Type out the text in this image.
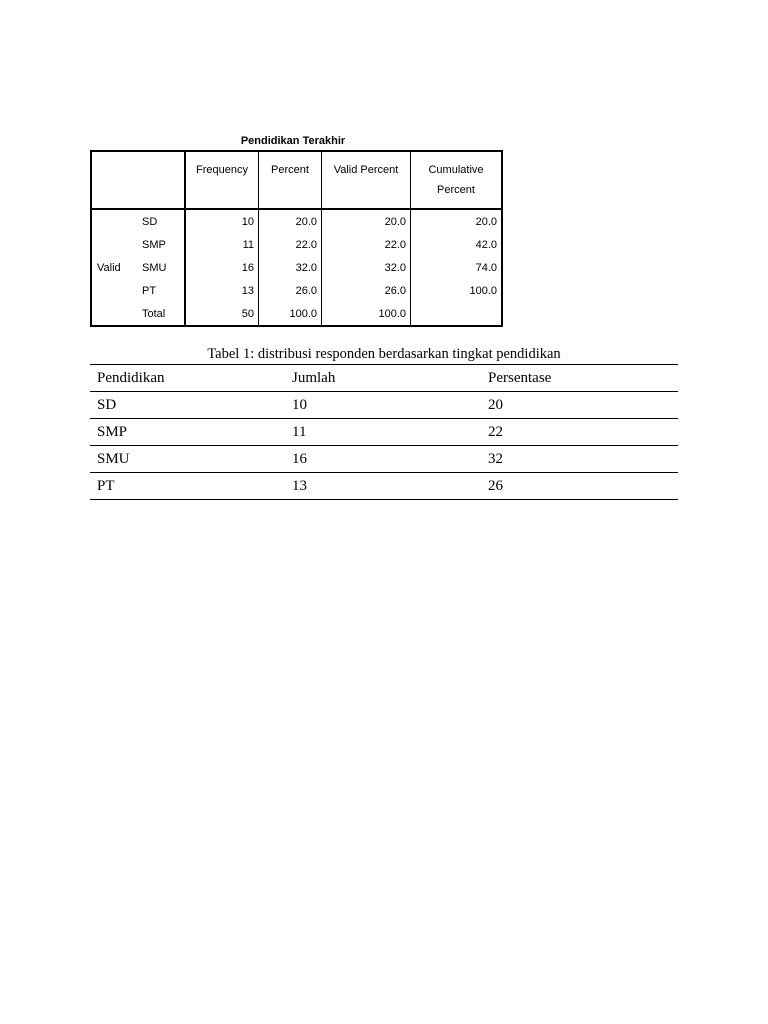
Pendidikan Terakhir
		Frequency	Percent	Valid Percent	Cumulative
Percent
Valid	SD	10	20.0	20.0	20.0
	SMP	11	22.0	22.0	42.0
	SMU	16	32.0	32.0	74.0
	PT	13	26.0	26.0	100.0
	Total	50	100.0	100.0	
Tabel 1: distribusi responden berdasarkan tingkat pendidikan
Pendidikan	Jumlah	Persentase
SD	10	20
SMP	11	22
SMU	16	32
PT	13	26
